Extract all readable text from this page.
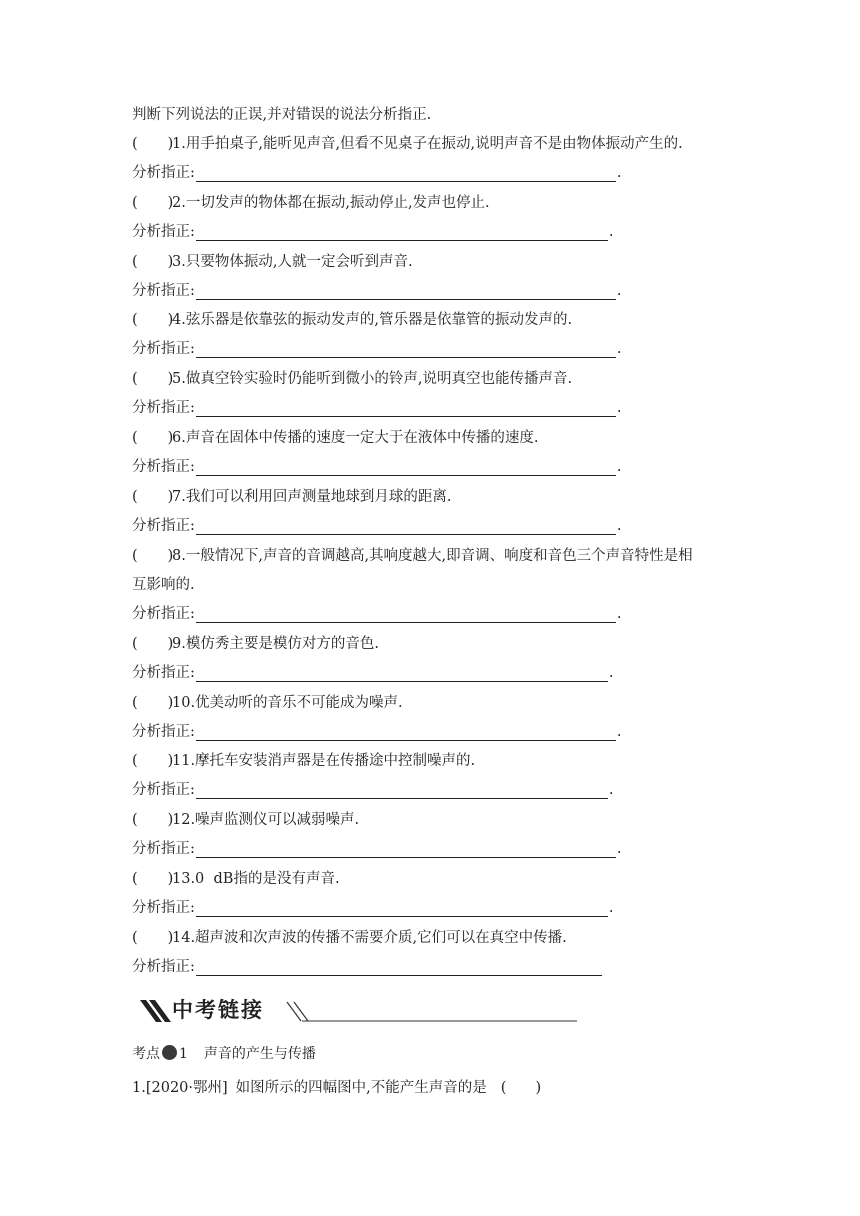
判断下列说法的正误,并对错误的说法分析指正.
( )1.用手拍桌子,能听见声音,但看不见桌子在振动,说明声音不是由物体振动产生的.
分析指正:	.
( )2.一切发声的物体都在振动,振动停止,发声也停止.
分析指正:	.
( )3.只要物体振动,人就一定会听到声音.
分析指正:	.
( )4.弦乐器是依靠弦的振动发声的,管乐器是依靠管的振动发声的.
分析指正:	.
( )5.做真空铃实验时仍能听到微小的铃声,说明真空也能传播声音.
分析指正:	.
( )6.声音在固体中传播的速度一定大于在液体中传播的速度.
分析指正:	.
( )7.我们可以利用回声测量地球到月球的距离.
分析指正:	.
( )8.一般情况下,声音的音调越高,其响度越大,即音调、响度和音色三个声音特性是相
互影响的.
分析指正:	.
( )9.模仿秀主要是模仿对方的音色.
分析指正:	.
( )10.优美动听的音乐不可能成为噪声.
分析指正:	.
( )11.摩托车安装消声器是在传播途中控制噪声的.
分析指正:	.
( )12.噪声监测仪可以减弱噪声.
分析指正:	.
( )13.0  dB指的是没有声音.
分析指正:	.
( )14.超声波和次声波的传播不需要介质,它们可以在真空中传播.
分析指正:
中考链接
考点 1 声音的产生与传播
1.[2020·鄂州] 如图所示的四幅图中,不能产生声音的是 (　　)
